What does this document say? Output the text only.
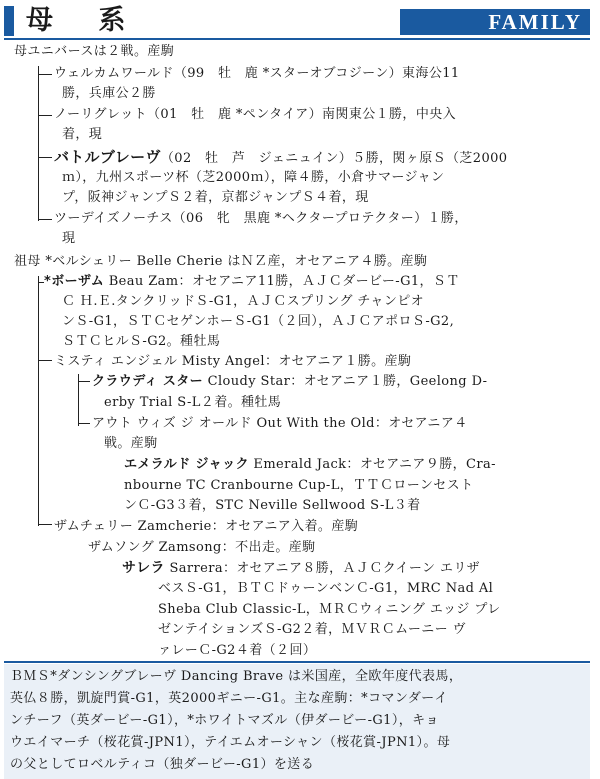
母 系	FAMILY
母ユニバースは２戦。産駒
ウェルカムワールド（99　牡　鹿 *スターオブコジーン）東海公11
勝，兵庫公２勝
ノーリグレット（01　牡　鹿 *ペンタイア）南関東公１勝，中央入
着，現
バトルブレーヴ（02　牡　芦　ジェニュイン）５勝，関ヶ原Ｓ（芝2000
ｍ），九州スポーツ杯（芝2000ｍ），障４勝，小倉サマージャン
プ，阪神ジャンプＳ２着，京都ジャンプＳ４着，現
ツーデイズノーチス（06　牝　黒鹿 *ヘクタープロテクター）１勝，
現
祖母 *ベルシェリー Belle Cherie はＮＺ産，オセアニア４勝。産駒
*ボーザム Beau Zam：オセアニア11勝，ＡＪＣダービー-G1，ＳＴ
Ｃ Ｈ.Ｅ.タンクリッドＳ-G1，ＡＪＣスプリング チャンピオ
ンＳ-G1，ＳＴＣセゲンホーＳ-G1（２回），ＡＪＣアポロＳ-G2,
ＳＴＣヒルＳ-G2。種牡馬
ミスティ エンジェル Misty Angel：オセアニア１勝。産駒
クラウディ スター Cloudy Star：オセアニア１勝，Geelong D-
erby Trial S-L２着。種牡馬
アウト ウィズ ジ オールド Out With the Old：オセアニア４
戦。産駒
エメラルド ジャック Emerald Jack：オセアニア９勝，Cra-
nbourne TC Cranbourne Cup-L，ＴＴＣローンセスト
ンＣ-G3３着，STC Neville Sellwood S-L３着
ザムチェリー Zamcherie：オセアニア入着。産駒
ザムソング Zamsong：不出走。産駒
サレラ Sarrera：オセアニア８勝，ＡＪＣクイーン エリザ
ベスＳ-G1，ＢＴＣドゥーンベンＣ-G1，MRC Nad Al
Sheba Club Classic-L，ＭＲＣウィニング エッジ プレ
ゼンテイションズＳ-G2２着，ＭＶＲＣムーニー ヴ
ァレーＣ-G2４着（２回）
ＢＭＳ*ダンシングブレーヴ Dancing Brave は米国産，全欧年度代表馬，
英仏８勝，凱旋門賞-G1，英2000ギニー-G1。主な産駒：*コマンダーイ
ンチーフ（英ダービー-G1），*ホワイトマズル（伊ダービー-G1），キョ
ウエイマーチ（桜花賞-JPN1），テイエムオーシャン（桜花賞-JPN1）。母
の父としてロベルティコ（独ダービー-G1）を送る
